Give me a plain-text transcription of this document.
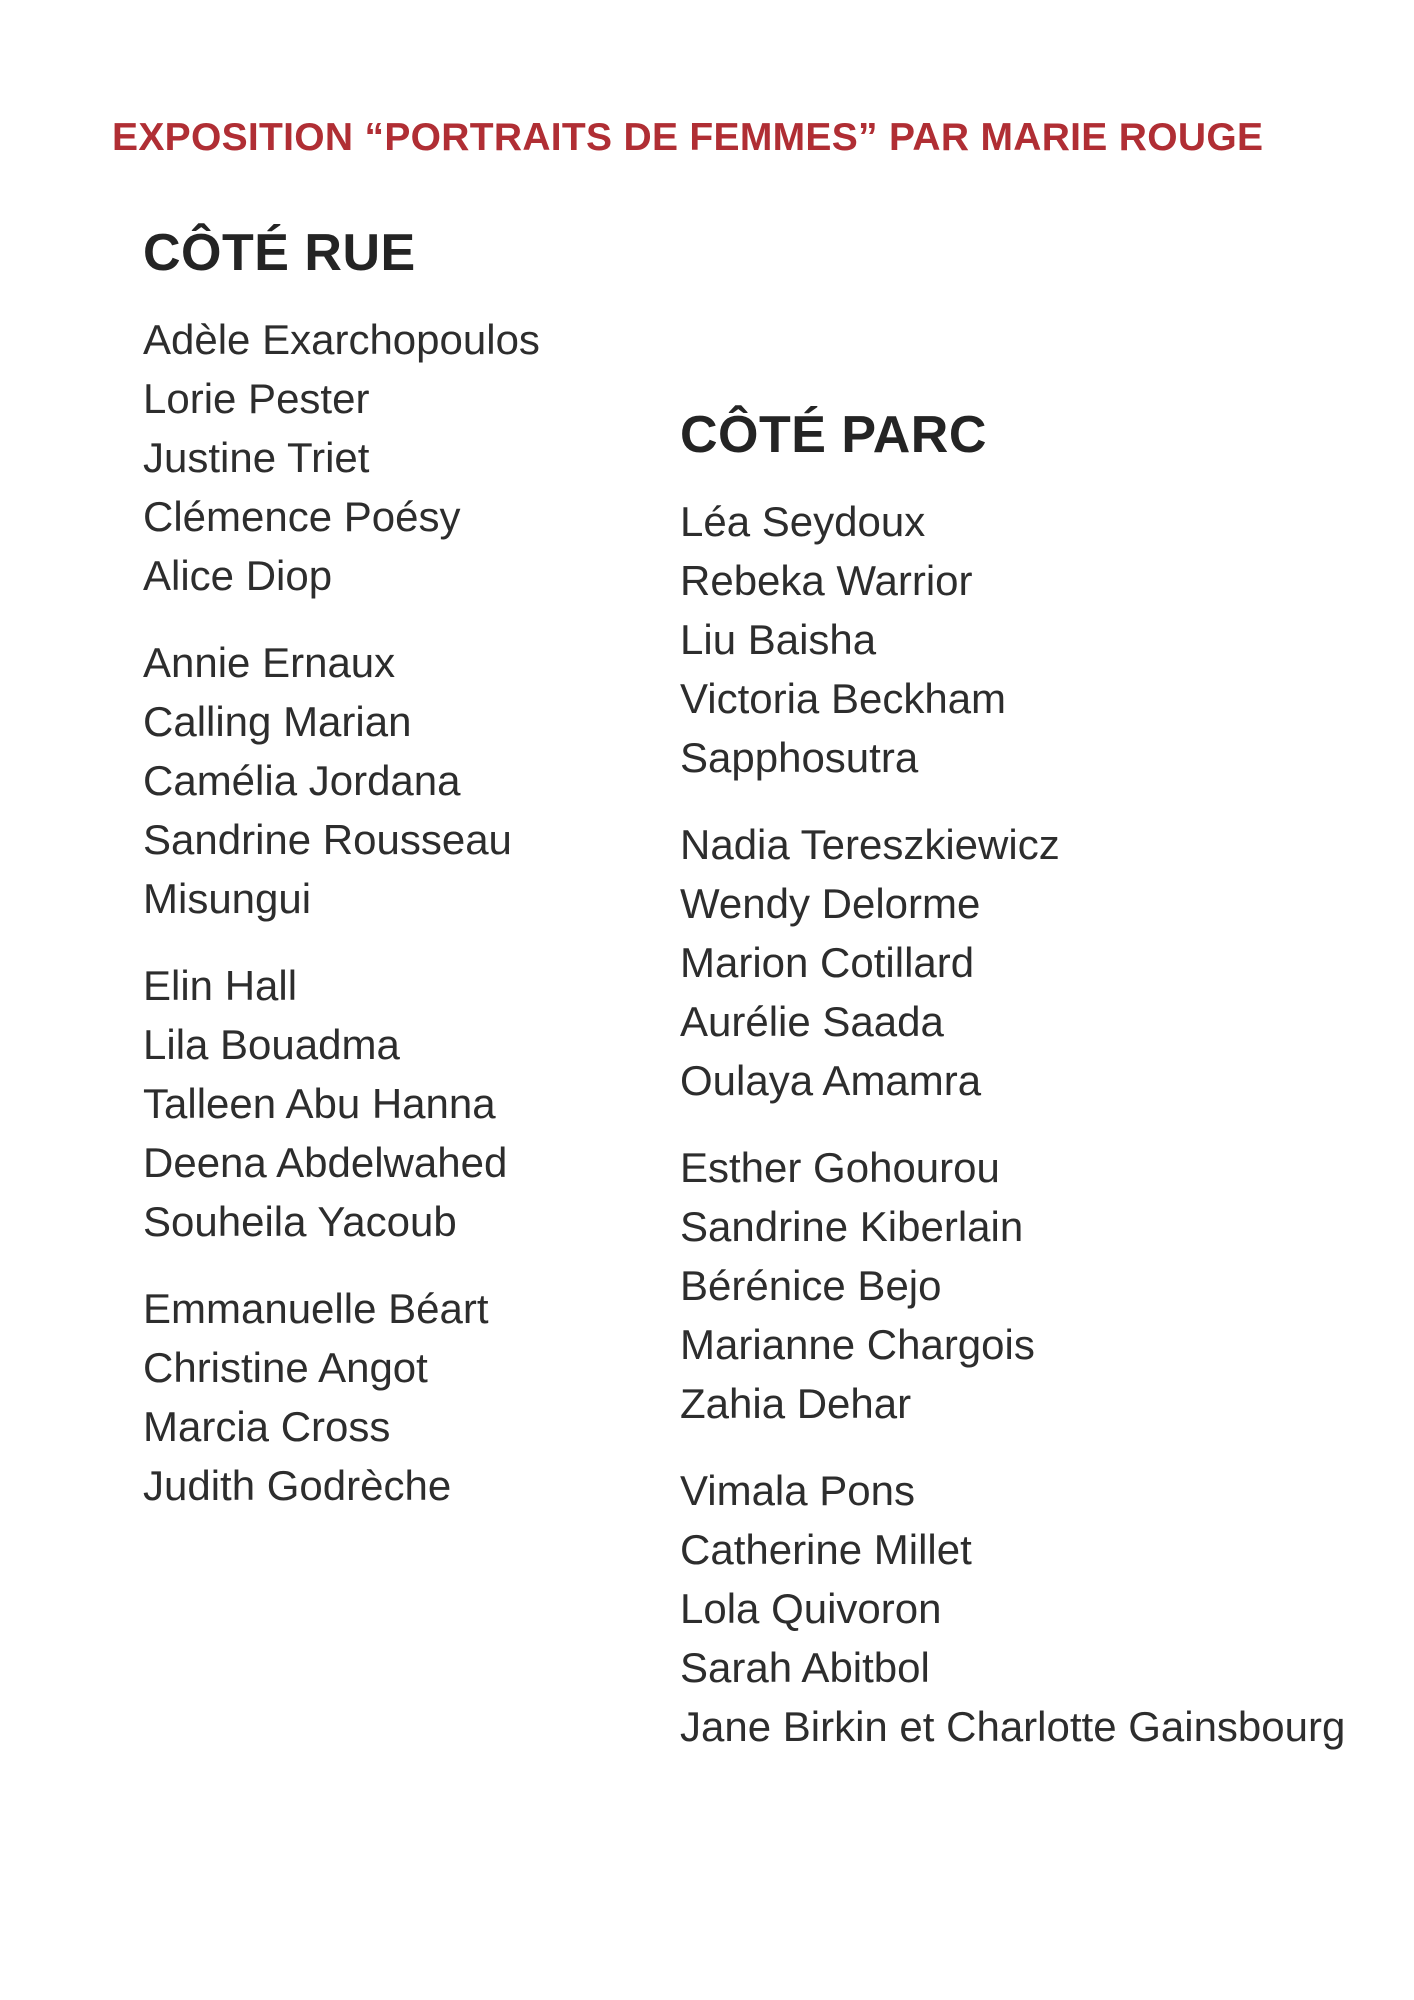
EXPOSITION “PORTRAITS DE FEMMES” PAR MARIE ROUGE
CÔTÉ RUE

Adèle Exarchopoulos

Lorie Pester

Justine Triet

Clémence Poésy

Alice Diop

Annie Ernaux

Calling Marian

Camélia Jordana

Sandrine Rousseau

Misungui

Elin Hall

Lila Bouadma

Talleen Abu Hanna

Deena Abdelwahed

Souheila Yacoub

Emmanuelle Béart

Christine Angot

Marcia Cross

Judith Godrèche

CÔTÉ PARC

Léa Seydoux

Rebeka Warrior

Liu Baisha

Victoria Beckham

Sapphosutra

Nadia Tereszkiewicz

Wendy Delorme

Marion Cotillard

Aurélie Saada

Oulaya Amamra

Esther Gohourou

Sandrine Kiberlain

Bérénice Bejo

Marianne Chargois

Zahia Dehar

Vimala Pons

Catherine Millet

Lola Quivoron

Sarah Abitbol

Jane Birkin et Charlotte Gainsbourg
